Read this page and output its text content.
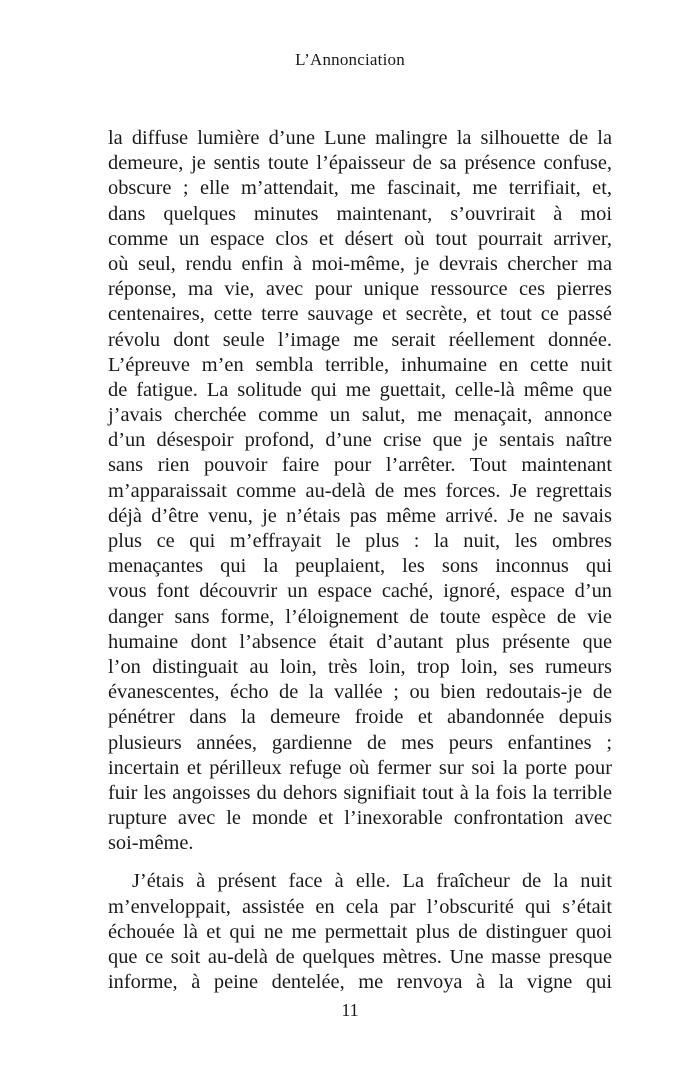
L’Annonciation

la diffuse lumière d’une Lune malingre la silhouette de la
demeure, je sentis toute l’épaisseur de sa présence confuse,
obscure ; elle m’attendait, me fascinait, me terrifiait, et,
dans quelques minutes maintenant, s’ouvrirait à moi
comme un espace clos et désert où tout pourrait arriver,
où seul, rendu enfin à moi-même, je devrais chercher ma
réponse, ma vie, avec pour unique ressource ces pierres
centenaires, cette terre sauvage et secrète, et tout ce passé
révolu dont seule l’image me serait réellement donnée.
L’épreuve m’en sembla terrible, inhumaine en cette nuit
de fatigue. La solitude qui me guettait, celle-là même que
j’avais cherchée comme un salut, me menaçait, annonce
d’un désespoir profond, d’une crise que je sentais naître
sans rien pouvoir faire pour l’arrêter. Tout maintenant
m’apparaissait comme au-delà de mes forces. Je regrettais
déjà d’être venu, je n’étais pas même arrivé. Je ne savais
plus ce qui m’effrayait le plus : la nuit, les ombres
menaçantes qui la peuplaient, les sons inconnus qui
vous font découvrir un espace caché, ignoré, espace d’un
danger sans forme, l’éloignement de toute espèce de vie
humaine dont l’absence était d’autant plus présente que
l’on distinguait au loin, très loin, trop loin, ses rumeurs
évanescentes, écho de la vallée ; ou bien redoutais-je de
pénétrer dans la demeure froide et abandonnée depuis
plusieurs années, gardienne de mes peurs enfantines ;
incertain et périlleux refuge où fermer sur soi la porte pour
fuir les angoisses du dehors signifiait tout à la fois la terrible
rupture avec le monde et l’inexorable confrontation avec
soi-même.

J’étais à présent face à elle. La fraîcheur de la nuit
m’enveloppait, assistée en cela par l’obscurité qui s’était
échouée là et qui ne me permettait plus de distinguer quoi
que ce soit au-delà de quelques mètres. Une masse presque
informe, à peine dentelée, me renvoya à la vigne qui

11
